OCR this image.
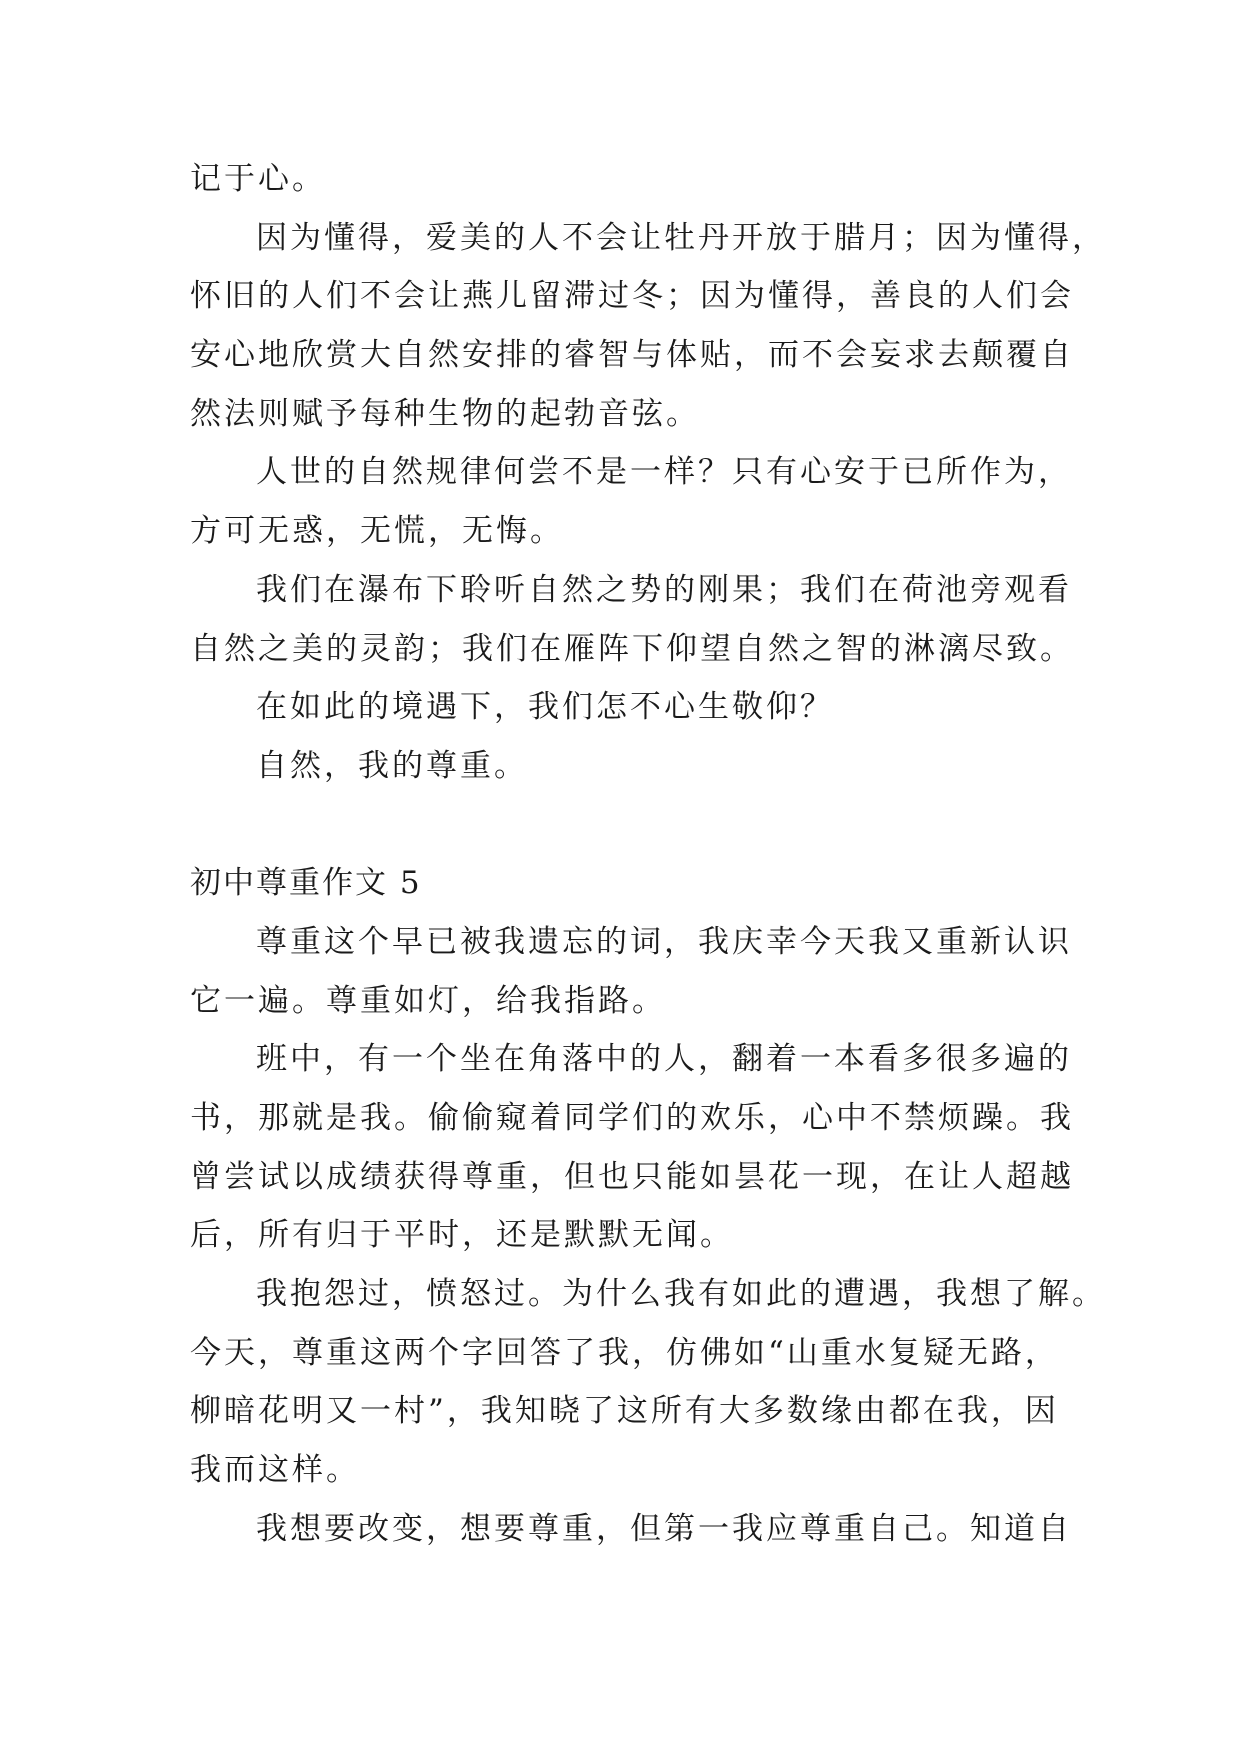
记于心。
因为懂得，爱美的人不会让牡丹开放于腊月；因为懂得，
怀旧的人们不会让燕儿留滞过冬；因为懂得，善良的人们会
安心地欣赏大自然安排的睿智与体贴，而不会妄求去颠覆自
然法则赋予每种生物的起勃音弦。
人世的自然规律何尝不是一样？只有心安于已所作为，
方可无惑，无慌，无悔。
我们在瀑布下聆听自然之势的刚果；我们在荷池旁观看
自然之美的灵韵；我们在雁阵下仰望自然之智的淋漓尽致。
在如此的境遇下，我们怎不心生敬仰？
自然，我的尊重。
初中尊重作文 5
尊重这个早已被我遗忘的词，我庆幸今天我又重新认识
它一遍。尊重如灯，给我指路。
班中，有一个坐在角落中的人，翻着一本看多很多遍的
书，那就是我。偷偷窥着同学们的欢乐，心中不禁烦躁。我
曾尝试以成绩获得尊重，但也只能如昙花一现，在让人超越
后，所有归于平时，还是默默无闻。
我抱怨过，愤怒过。为什么我有如此的遭遇，我想了解。
今天，尊重这两个字回答了我，仿佛如“山重水复疑无路，
柳暗花明又一村”，我知晓了这所有大多数缘由都在我，因
我而这样。
我想要改变，想要尊重，但第一我应尊重自己。知道自
